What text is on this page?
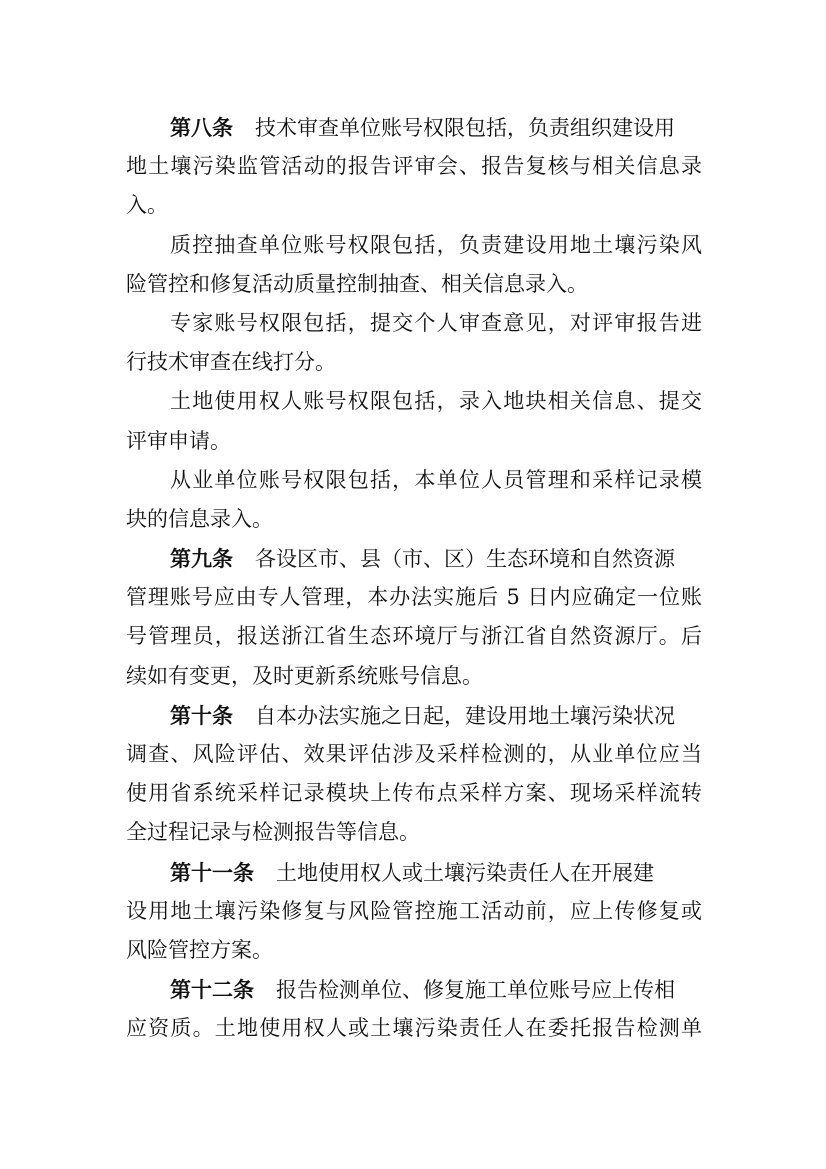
第八条 技术审查单位账号权限包括，负责组织建设用
地土壤污染监管活动的报告评审会、报告复核与相关信息录
入。
质控抽查单位账号权限包括，负责建设用地土壤污染风
险管控和修复活动质量控制抽查、相关信息录入。
专家账号权限包括，提交个人审查意见，对评审报告进
行技术审查在线打分。
土地使用权人账号权限包括，录入地块相关信息、提交
评审申请。
从业单位账号权限包括，本单位人员管理和采样记录模
块的信息录入。
第九条 各设区市、县（市、区）生态环境和自然资源
管理账号应由专人管理，本办法实施后 5 日内应确定一位账
号管理员，报送浙江省生态环境厅与浙江省自然资源厅。后
续如有变更，及时更新系统账号信息。
第十条 自本办法实施之日起，建设用地土壤污染状况
调查、风险评估、效果评估涉及采样检测的，从业单位应当
使用省系统采样记录模块上传布点采样方案、现场采样流转
全过程记录与检测报告等信息。
第十一条 土地使用权人或土壤污染责任人在开展建
设用地土壤污染修复与风险管控施工活动前，应上传修复或
风险管控方案。
第十二条 报告检测单位、修复施工单位账号应上传相
应资质。土地使用权人或土壤污染责任人在委托报告检测单
